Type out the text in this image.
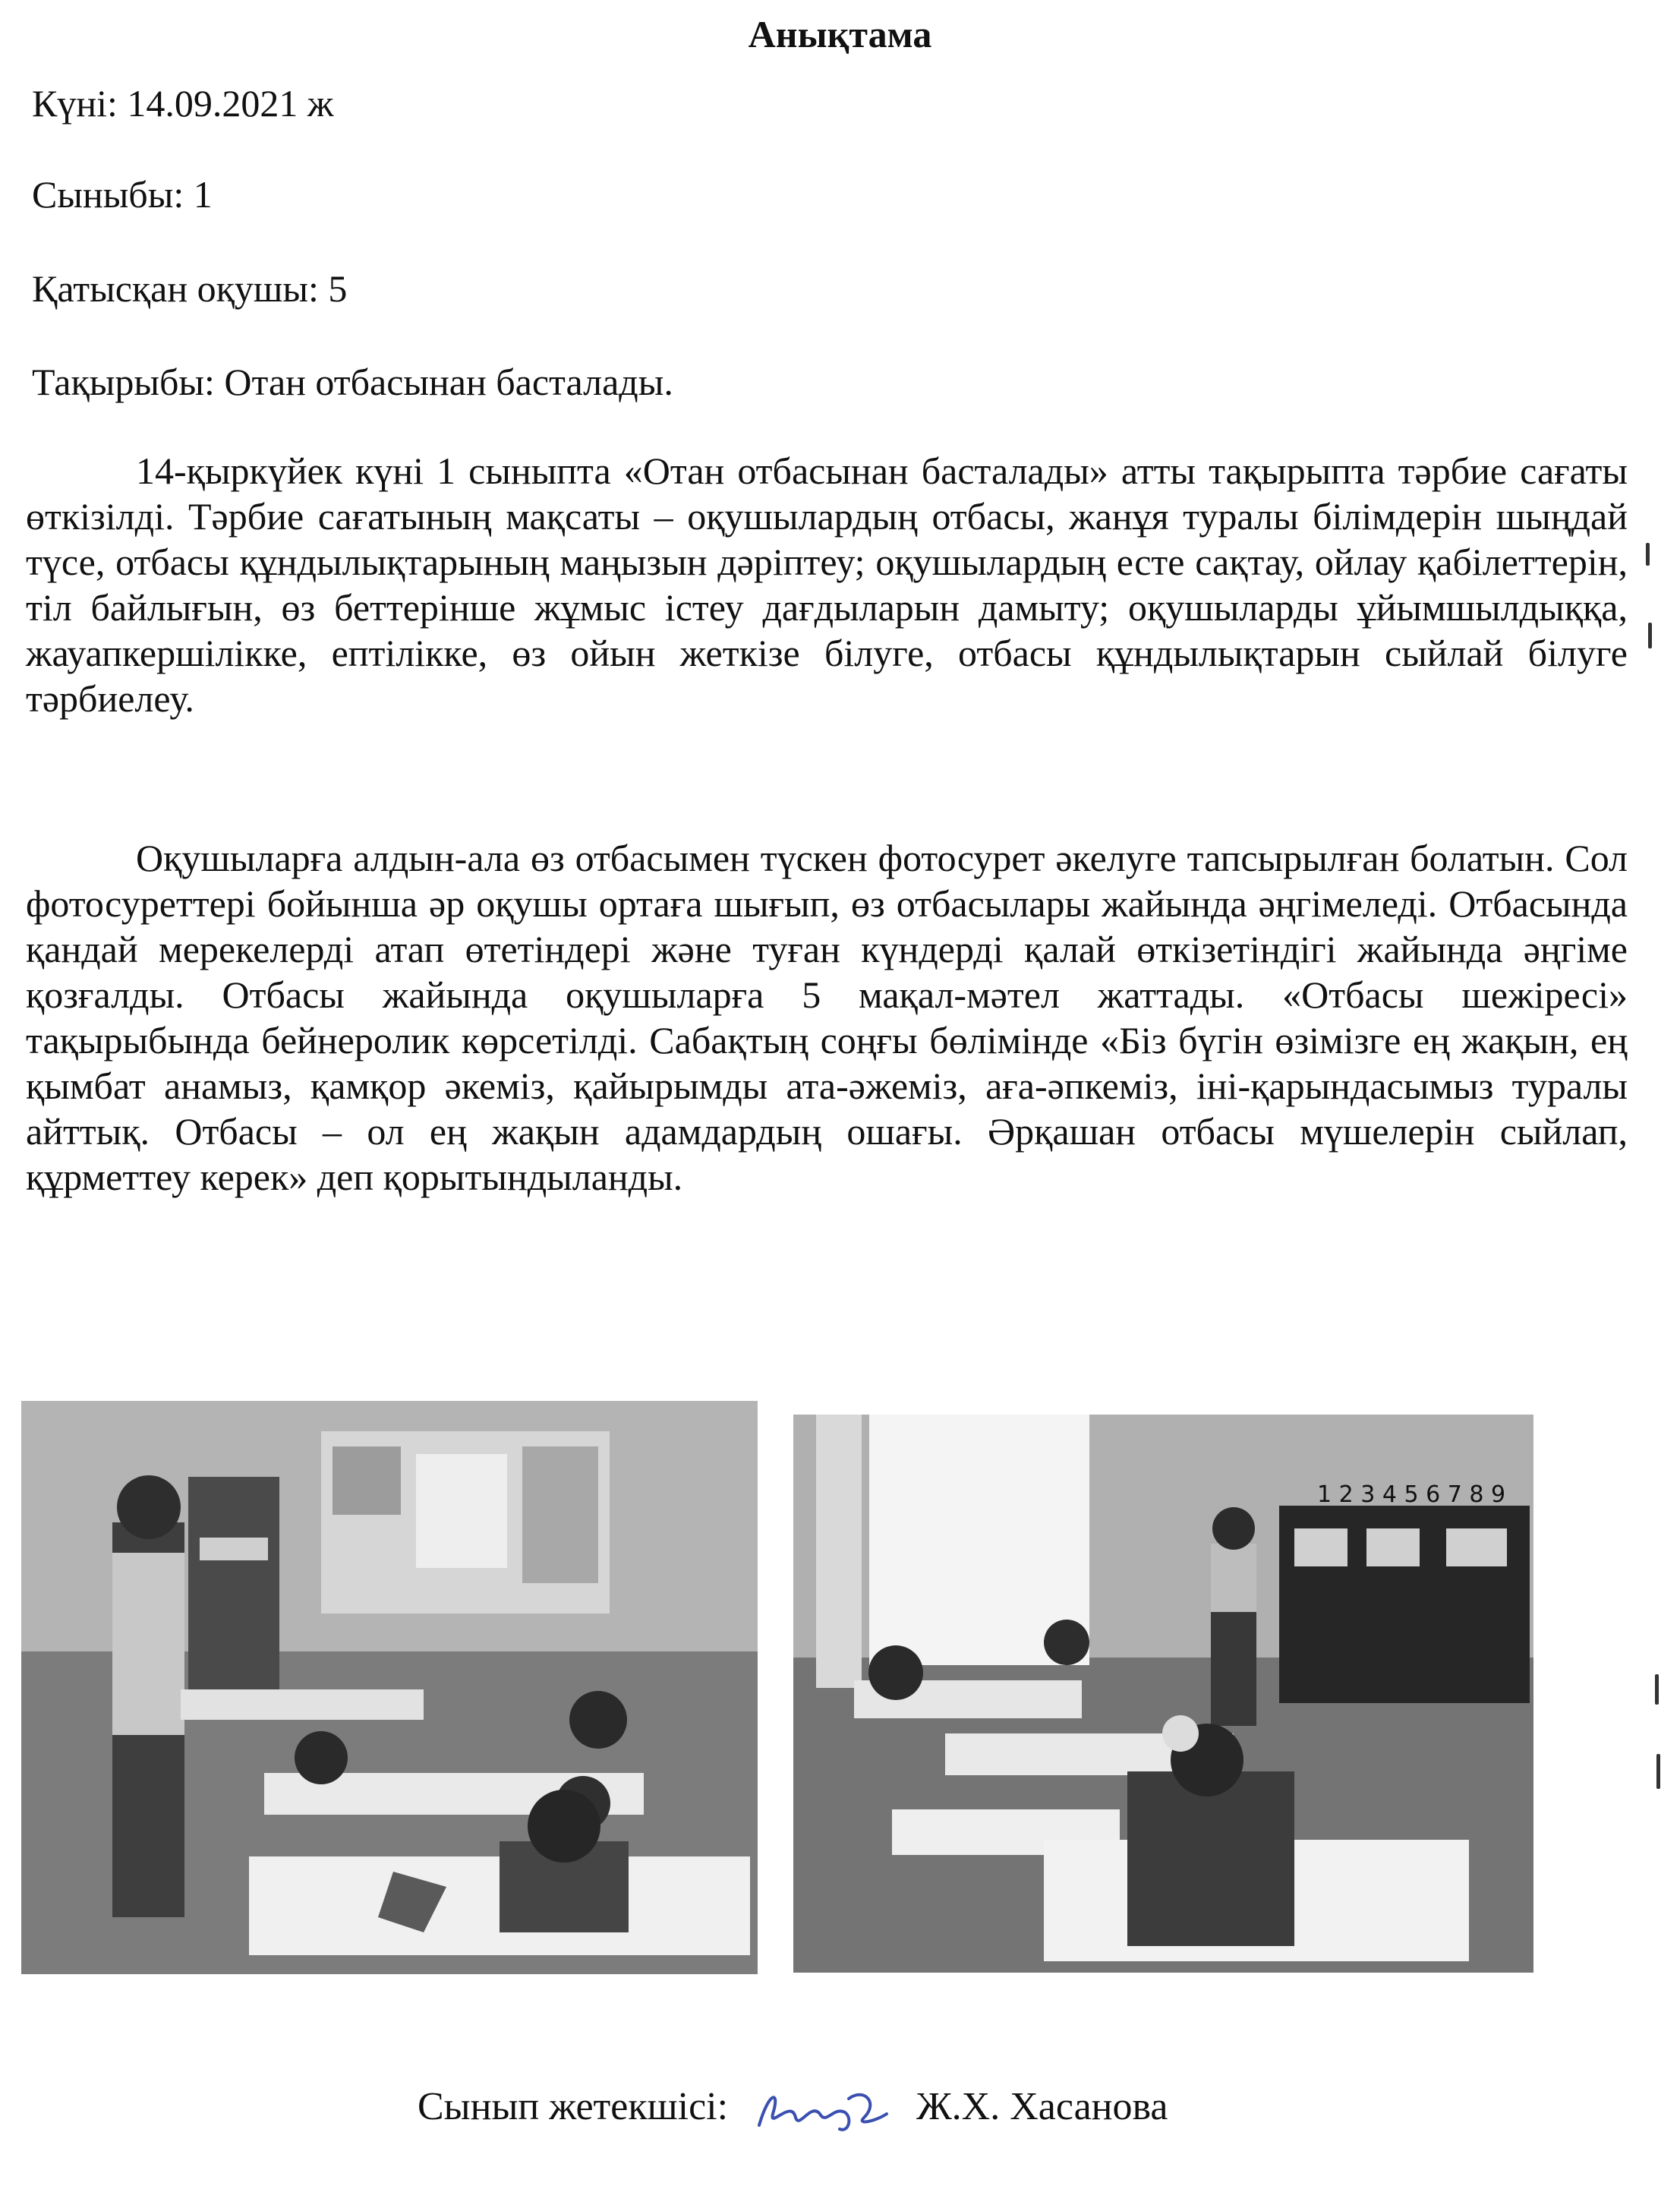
Анықтама
Күні: 14.09.2021 ж
Сыныбы: 1
Қатысқан оқушы: 5
Тақырыбы: Отан отбасынан басталады.

14-қыркүйек күні 1 сыныпта «Отан отбасынан басталады» атты тақырыпта тәрбие сағаты өткізілді. Тәрбие сағатының мақсаты – оқушылардың отбасы, жанұя туралы білімдерін шыңдай түсе, отбасы құндылықтарының маңызын дәріптеу; оқушылардың есте сақтау, ойлау қабілеттерін, тіл байлығын, өз беттерінше жұмыс істеу дағдыларын дамыту; оқушыларды ұйымшылдыққа, жауапкершілікке, ептілікке, өз ойын жеткізе білуге, отбасы құндылықтарын сыйлай білуге тәрбиелеу.

Оқушыларға алдын-ала өз отбасымен түскен фотосурет әкелуге тапсырылған болатын. Сол фотосуреттері бойынша әр оқушы ортаға шығып, өз отбасылары жайында әңгімеледі. Отбасында қандай мерекелерді атап өтетіндері және туған күндерді қалай өткізетіндігі жайында әңгіме қозғалды. Отбасы жайында оқушыларға 5 мақал-мәтел жаттады. «Отбасы шежіресі» тақырыбында бейнеролик көрсетілді. Сабақтың соңғы бөлімінде «Біз бүгін өзімізге ең жақын, ең қымбат анамыз, қамқор әкеміз, қайырымды ата-әжеміз, аға-әпкеміз, іні-қарындасымыз туралы айттық. Отбасы – ол ең жақын адамдардың ошағы. Әрқашан отбасы мүшелерін сыйлап, құрметтеу керек» деп қорытындыланды.

1 2 3 4 5 6 7 8 9
Сынып жетекшісі:	Ж.Х. Хасанова
